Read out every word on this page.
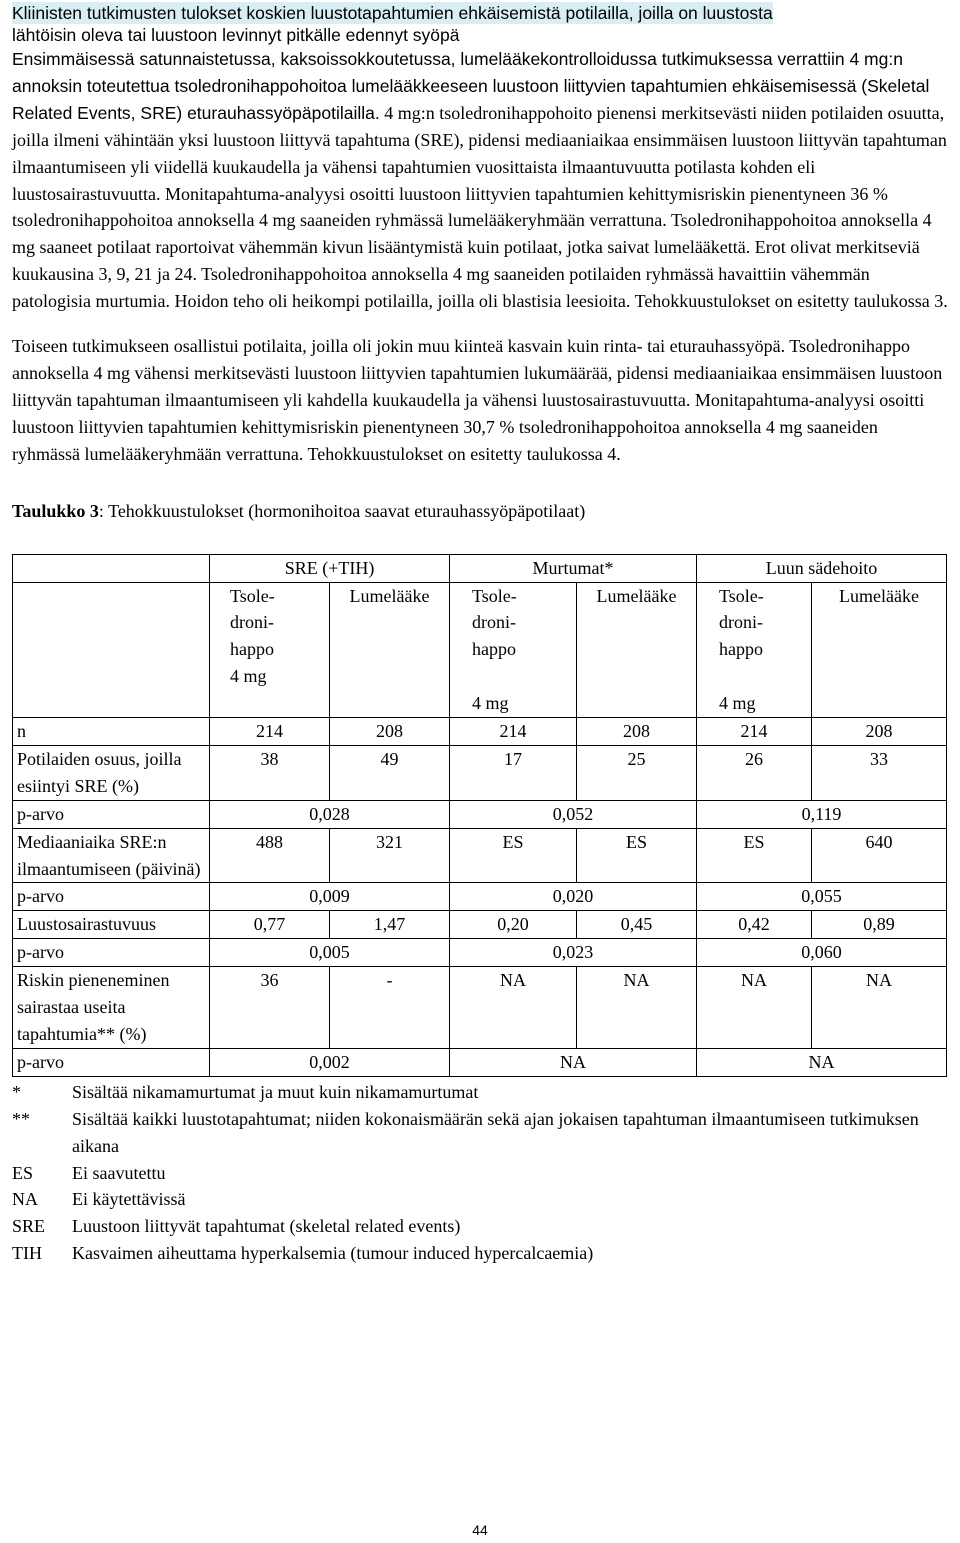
Kliinisten tutkimusten tulokset koskien luustotapahtumien ehkäisemistä potilailla, joilla on luustosta
lähtöisin oleva tai luustoon levinnyt pitkälle edennyt syöpä

Ensimmäisessä satunnaistetussa, kaksoissokkoutetussa, lumelääkekontrolloidussa tutkimuksessa verrattiin 4 mg:n annoksin toteutettua tsoledronihappohoitoa lumelääkkeeseen luustoon liittyvien tapahtumien ehkäisemisessä (Skeletal Related Events, SRE) eturauhassyöpäpotilailla. 4 mg:n tsoledronihappohoito pienensi merkitsevästi niiden potilaiden osuutta, joilla ilmeni vähintään yksi luustoon liittyvä tapahtuma (SRE), pidensi mediaaniaikaa ensimmäisen luustoon liittyvän tapahtuman ilmaantumiseen yli viidellä kuukaudella ja vähensi tapahtumien vuosittaista ilmaantuvuutta potilasta kohden eli luustosairastuvuutta. Monitapahtuma-analyysi osoitti luustoon liittyvien tapahtumien kehittymisriskin pienentyneen 36 % tsoledronihappohoitoa annoksella 4 mg saaneiden ryhmässä lumelääkeryhmään verrattuna. Tsoledronihappohoitoa annoksella 4 mg saaneet potilaat raportoivat vähemmän kivun lisääntymistä kuin potilaat, jotka saivat lumelääkettä. Erot olivat merkitseviä kuukausina 3, 9, 21 ja 24. Tsoledronihappohoitoa annoksella 4 mg saaneiden potilaiden ryhmässä havaittiin vähemmän patologisia murtumia. Hoidon teho oli heikompi potilailla, joilla oli blastisia leesioita. Tehokkuustulokset on esitetty taulukossa 3.

Toiseen tutkimukseen osallistui potilaita, joilla oli jokin muu kiinteä kasvain kuin rinta- tai eturauhassyöpä. Tsoledronihappo annoksella 4 mg vähensi merkitsevästi luustoon liittyvien tapahtumien lukumäärää, pidensi mediaaniaikaa ensimmäisen luustoon liittyvän tapahtuman ilmaantumiseen yli kahdella kuukaudella ja vähensi luustosairastuvuutta. Monitapahtuma-analyysi osoitti luustoon liittyvien tapahtumien kehittymisriskin pienentyneen 30,7 % tsoledronihappohoitoa annoksella 4 mg saaneiden ryhmässä lumelääkeryhmään verrattuna. Tehokkuustulokset on esitetty taulukossa 4.

Taulukko 3: Tehokkuustulokset (hormonihoitoa saavat eturauhassyöpäpotilaat)
	SRE (+TIH)		Murtumat*		Luun sädehoito	
	Tsole-
droni-
happo
4 mg	Lumelääke	Tsole-
droni-
happo

4 mg	Lumelääke	Tsole-
droni-
happo

4 mg	Lumelääke
n	214	208	214	208	214	208
Potilaiden osuus, joilla esiintyi SRE (%)	38	49	17	25	26	33
p-arvo	0,028		0,052		0,119	
Mediaaniaika SRE:n ilmaantumiseen (päivinä)	488	321	ES	ES	ES	640
p-arvo	0,009		0,020		0,055	
Luustosairastuvuus	0,77	1,47	0,20	0,45	0,42	0,89
p-arvo	0,005		0,023		0,060	
Riskin pieneneminen sairastaa useita tapahtumia** (%)	36	-	NA	NA	NA	NA
p-arvo	0,002		NA		NA	
*	Sisältää nikamamurtumat ja muut kuin nikamamurtumat
**	Sisältää kaikki luustotapahtumat; niiden kokonaismäärän sekä ajan jokaisen tapahtuman ilmaantumiseen tutkimuksen aikana
ES	Ei saavutettu
NA	Ei käytettävissä
SRE	Luustoon liittyvät tapahtumat (skeletal related events)
TIH	Kasvaimen aiheuttama hyperkalsemia (tumour induced hypercalcaemia)
44
